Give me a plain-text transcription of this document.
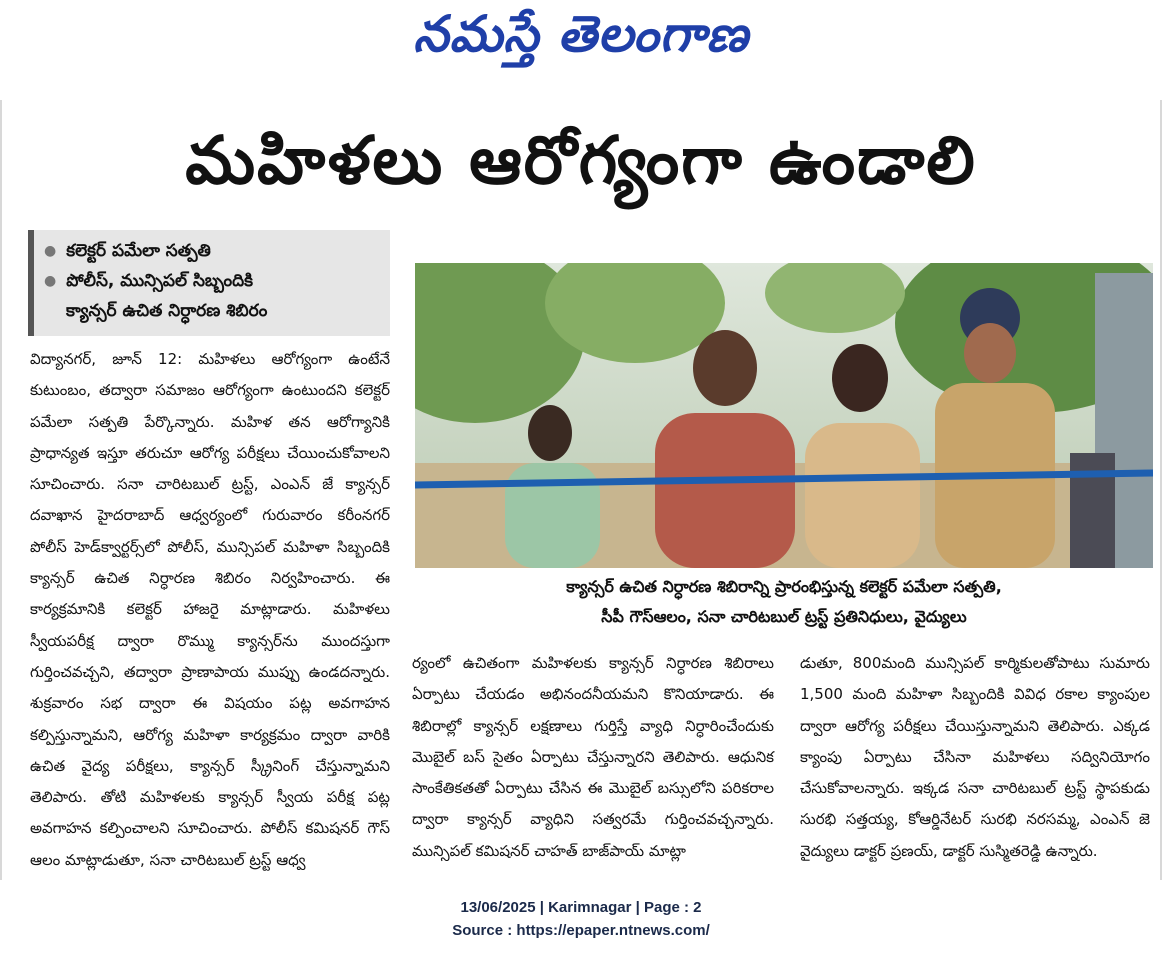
నమస్తే తెలంగాణ
మహిళలు ఆరోగ్యంగా ఉండాలి
● కలెక్టర్ పమేలా సత్పతి
● పోలీస్, మున్సిపల్ సిబ్బందికి
క్యాన్సర్ ఉచిత నిర్ధారణ శిబిరం

విద్యానగర్, జూన్ 12: మహిళలు ఆరోగ్యంగా ఉంటేనే కుటుంబం, తద్వారా సమాజం ఆరోగ్యంగా ఉంటుందని కలెక్టర్ పమేలా సత్పతి పేర్కొన్నారు. మహిళ తన ఆరోగ్యానికి ప్రాధాన్యత ఇస్తూ తరుచూ ఆరోగ్య పరీక్షలు చేయించుకోవాలని సూచించారు. సనా చారిటబుల్ ట్రస్ట్, ఎంఎన్ జే క్యాన్సర్ దవాఖాన హైదరాబాద్ ఆధ్వర్యంలో గురువారం కరీంనగర్ పోలీస్ హెడ్‌క్వార్టర్స్‌లో పోలీస్, మున్సిపల్ మహిళా సిబ్బందికి క్యాన్సర్ ఉచిత నిర్ధారణ శిబిరం నిర్వహించారు. ఈ కార్యక్రమానికి కలెక్టర్ హాజరై మాట్లాడారు. మహిళలు స్వీయపరీక్ష ద్వారా రొమ్ము క్యాన్సర్‌ను ముందస్తుగా గుర్తించవచ్చని, తద్వారా ప్రాణాపాయ ముప్పు ఉండదన్నారు. శుక్రవారం సభ ద్వారా ఈ విషయం పట్ల అవగాహన కల్పిస్తున్నామని, ఆరోగ్య మహిళా కార్యక్రమం ద్వారా వారికి ఉచిత వైద్య పరీక్షలు, క్యాన్సర్ స్క్రీనింగ్ చేస్తున్నామని తెలిపారు. తోటి మహిళలకు క్యాన్సర్ స్వీయ పరీక్ష పట్ల అవగాహన కల్పించాలని సూచించారు. పోలీస్ కమిషనర్ గౌస్ ఆలం మాట్లాడుతూ, సనా చారిటబుల్ ట్రస్ట్ ఆధ్వ

క్యాన్సర్ ఉచిత నిర్ధారణ శిబిరాన్ని ప్రారంభిస్తున్న కలెక్టర్ పమేలా సత్పతి,
సీపీ గౌస్‌ఆలం, సనా చారిటబుల్ ట్రస్ట్ ప్రతినిధులు, వైద్యులు

ర్యంలో ఉచితంగా మహిళలకు క్యాన్సర్ నిర్ధారణ శిబిరాలు ఏర్పాటు చేయడం అభినందనీయమని కొనియాడారు. ఈ శిబిరాల్లో క్యాన్సర్ లక్షణాలు గుర్తిస్తే వ్యాధి నిర్ధారించేందుకు మొబైల్ బస్ సైతం ఏర్పాటు చేస్తున్నారని తెలిపారు. ఆధునిక సాంకేతికతతో ఏర్పాటు చేసిన ఈ మొబైల్ బస్సులోని పరికరాల ద్వారా క్యాన్సర్ వ్యాధిని సత్వరమే గుర్తించవచ్చన్నారు. మున్సిపల్ కమిషనర్ చాహత్ బాజ్‌పాయ్ మాట్లా

డుతూ, 800మంది మున్సిపల్ కార్మికులతోపాటు సుమారు 1,500 మంది మహిళా సిబ్బందికి వివిధ రకాల క్యాంపుల ద్వారా ఆరోగ్య పరీక్షలు చేయిస్తున్నామని తెలిపారు. ఎక్కడ క్యాంపు ఏర్పాటు చేసినా మహిళలు సద్వినియోగం చేసుకోవాలన్నారు. ఇక్కడ సనా చారిటబుల్ ట్రస్ట్ స్థాపకుడు సురభి సత్తయ్య, కోఆర్డినేటర్ సురభి నరసమ్మ, ఎంఎన్ జె వైద్యులు డాక్టర్ ప్రణయ్, డాక్టర్ సుస్మితరెడ్డి ఉన్నారు.

13/06/2025 | Karimnagar | Page : 2
Source : https://epaper.ntnews.com/
